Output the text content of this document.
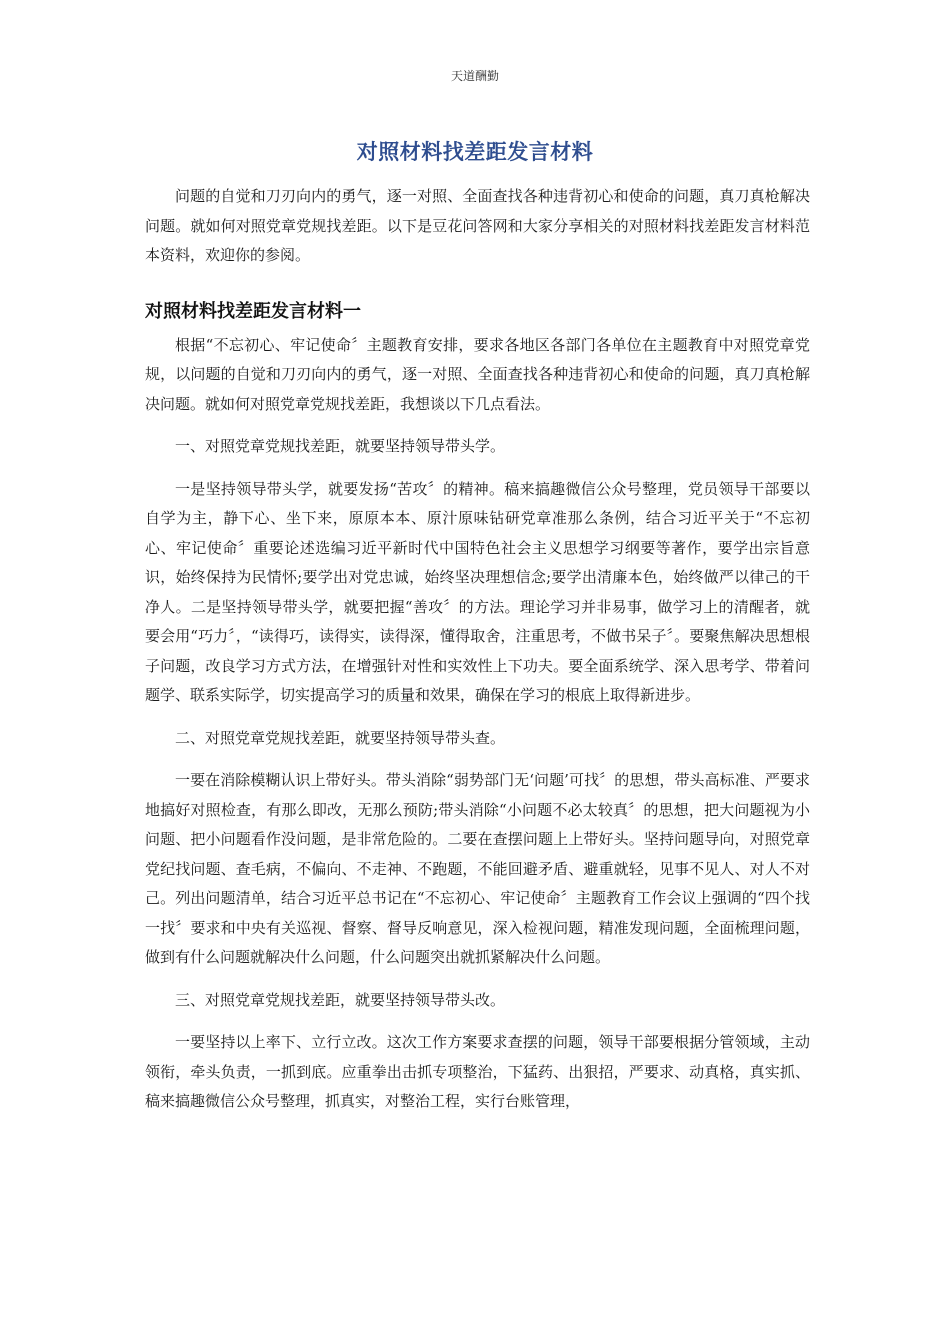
天道酬勤
对照材料找差距发言材料

问题的自觉和刀刃向内的勇气，逐一对照、全面查找各种违背初心和使命的问题，真刀真枪解决问题。就如何对照党章党规找差距。以下是豆花问答网和大家分享相关的对照材料找差距发言材料范本资料，欢迎你的参阅。

对照材料找差距发言材料一

根据“不忘初心、牢记使命〞主题教育安排，要求各地区各部门各单位在主题教育中对照党章党规，以问题的自觉和刀刃向内的勇气，逐一对照、全面查找各种违背初心和使命的问题，真刀真枪解决问题。就如何对照党章党规找差距，我想谈以下几点看法。

一、对照党章党规找差距，就要坚持领导带头学。

一是坚持领导带头学，就要发扬“苦攻〞的精神。稿来搞趣微信公众号整理，党员领导干部要以自学为主，静下心、坐下来，原原本本、原汁原味钻研党章准那么条例，结合习近平关于“不忘初心、牢记使命〞重要论述选编习近平新时代中国特色社会主义思想学习纲要等著作，要学出宗旨意识，始终保持为民情怀;要学出对党忠诚，始终坚决理想信念;要学出清廉本色，始终做严以律己的干净人。二是坚持领导带头学，就要把握“善攻〞的方法。理论学习并非易事，做学习上的清醒者，就要会用“巧力〞，“读得巧，读得实，读得深，懂得取舍，注重思考，不做书呆子〞。要聚焦解决思想根子问题，改良学习方式方法，在增强针对性和实效性上下功夫。要全面系统学、深入思考学、带着问题学、联系实际学，切实提高学习的质量和效果，确保在学习的根底上取得新进步。

二、对照党章党规找差距，就要坚持领导带头查。

一要在消除模糊认识上带好头。带头消除“弱势部门无‘问题’可找〞的思想，带头高标准、严要求地搞好对照检查，有那么即改，无那么预防;带头消除“小问题不必太较真〞的思想，把大问题视为小问题、把小问题看作没问题，是非常危险的。二要在查摆问题上上带好头。坚持问题导向，对照党章党纪找问题、查毛病，不偏向、不走神、不跑题，不能回避矛盾、避重就轻，见事不见人、对人不对己。列出问题清单，结合习近平总书记在“不忘初心、牢记使命〞主题教育工作会议上强调的“四个找一找〞要求和中央有关巡视、督察、督导反响意见，深入检视问题，精准发现问题，全面梳理问题，做到有什么问题就解决什么问题，什么问题突出就抓紧解决什么问题。

三、对照党章党规找差距，就要坚持领导带头改。

一要坚持以上率下、立行立改。这次工作方案要求查摆的问题，领导干部要根据分管领域，主动领衔，牵头负责，一抓到底。应重拳出击抓专项整治，下猛药、出狠招，严要求、动真格，真实抓、稿来搞趣微信公众号整理，抓真实，对整治工程，实行台账管理，
